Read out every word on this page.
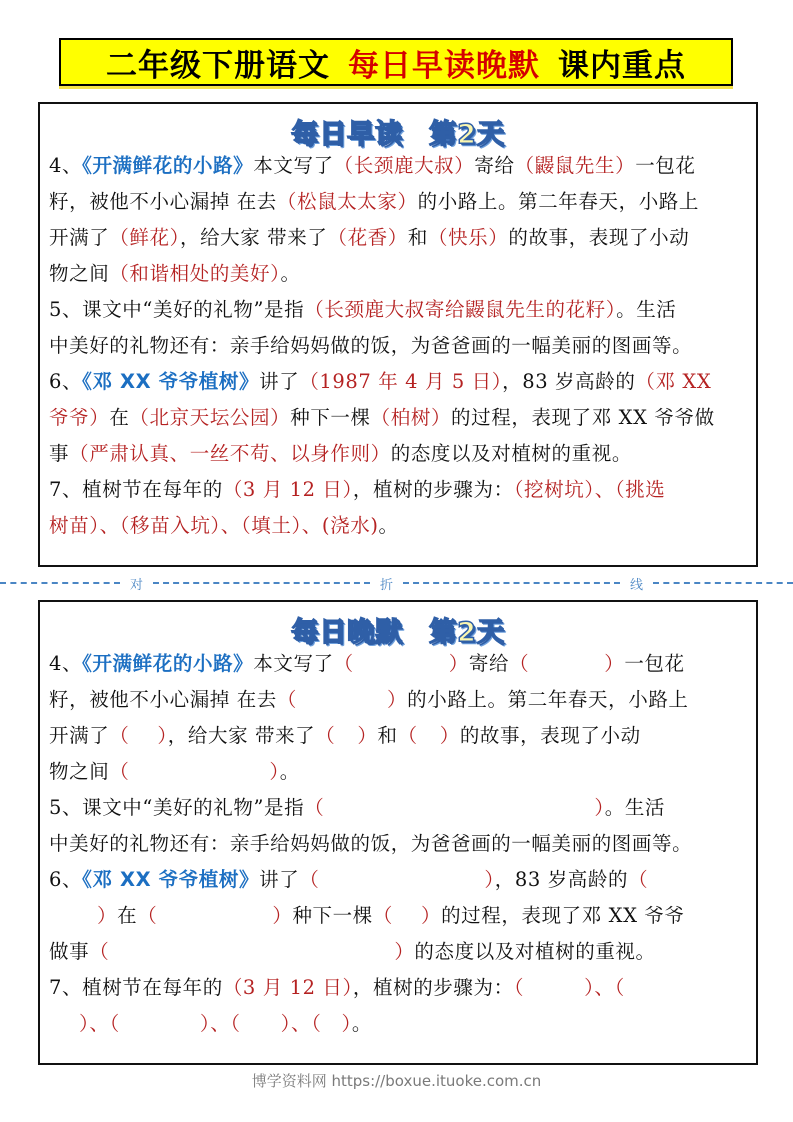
二年级下册语文 每日早读晚默 课内重点
每日早读 第2天
4、《开满鲜花的小路》本文写了（长颈鹿大叔）寄给（鼹鼠先生）一包花
籽，被他不小心漏掉 在去（松鼠太太家）的小路上。第二年春天，小路上
开满了（鲜花），给大家 带来了（花香）和（快乐）的故事，表现了小动
物之间（和谐相处的美好）。
5、课文中“美好的礼物”是指（长颈鹿大叔寄给鼹鼠先生的花籽）。生活
中美好的礼物还有：亲手给妈妈做的饭，为爸爸画的一幅美丽的图画等。
6、《邓 XX 爷爷植树》讲了（1987 年 4 月 5 日），83 岁高龄的（邓 XX
爷爷）在（北京天坛公园）种下一棵（柏树）的过程，表现了邓 XX 爷爷做
事（严肃认真、一丝不苟、以身作则）的态度以及对植树的重视。
7、植树节在每年的（3 月 12 日），植树的步骤为：（挖树坑）、（挑选
树苗）、（移苗入坑）、（填土）、(浇水)。
对	折	线
每日晚默 第2天
4、《开满鲜花的小路》本文写了（	）寄给（	）一包花
籽，被他不小心漏掉 在去（	）的小路上。第二年春天，小路上
开满了（ ），给大家 带来了（ ）和（ ）的故事，表现了小动
物之间（	）。
5、课文中“美好的礼物”是指（	）。生活
中美好的礼物还有：亲手给妈妈做的饭，为爸爸画的一幅美丽的图画等。
6、《邓 XX 爷爷植树》讲了（	），83 岁高龄的（
）在（	）种下一棵（ ）的过程，表现了邓 XX 爷爷
做事（	）的态度以及对植树的重视。
7、植树节在每年的（3 月 12 日），植树的步骤为：（	）、（
）、（	）、（ ）、（ ）。
博学资料网 https://boxue.ituoke.com.cn
